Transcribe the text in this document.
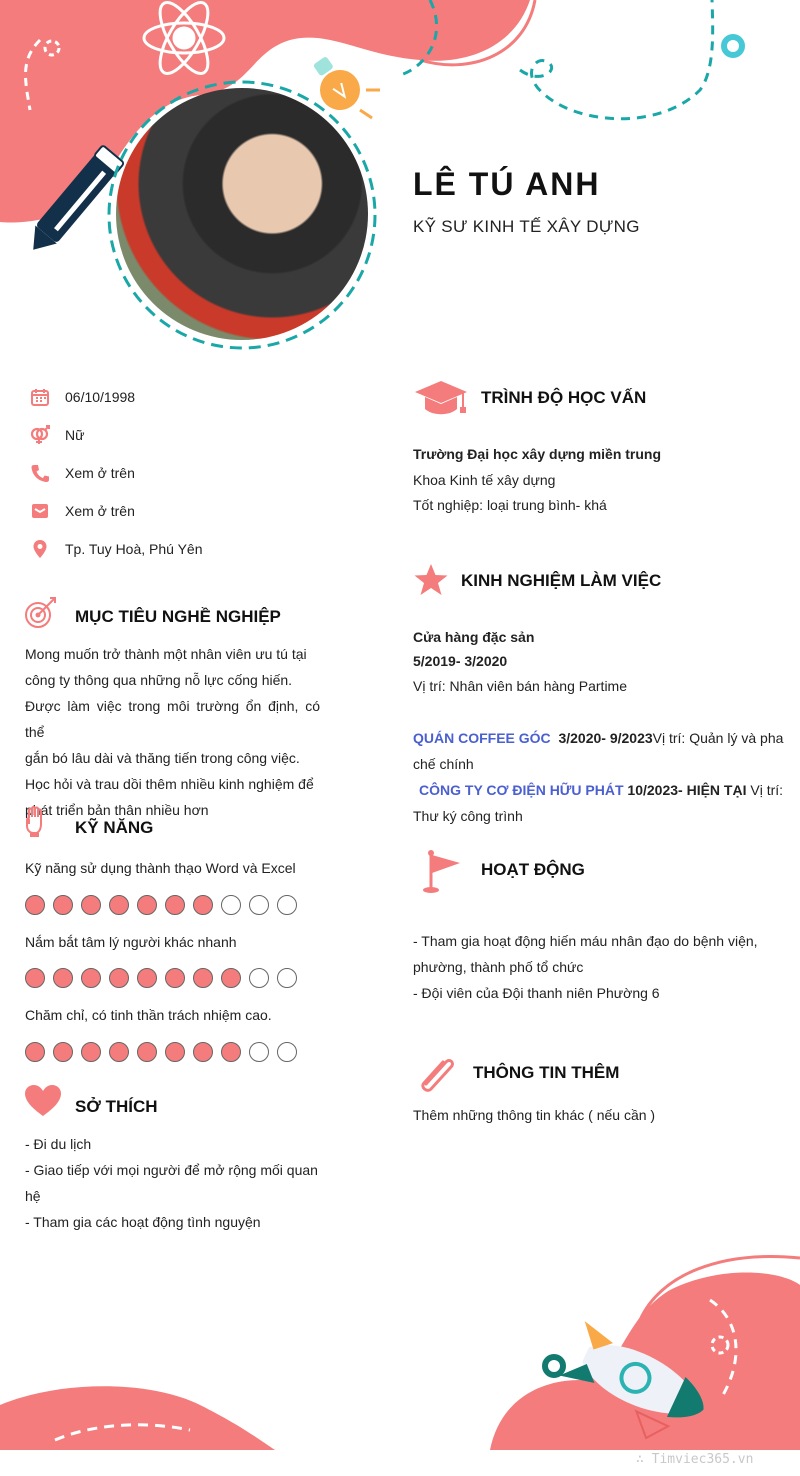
LÊ TÚ ANH
KỸ SƯ KINH TẾ XÂY DỰNG
06/10/1998
Nữ
Xem ở trên
Xem ở trên
Tp. Tuy Hoà, Phú Yên
MỤC TIÊU NGHỀ NGHIỆP
Mong muốn trở thành một nhân viên ưu tú tại
công ty thông qua những nỗ lực cống hiến.
Được làm việc trong môi trường ổn định, có thể
gắn bó lâu dài và thăng tiến trong công việc.
Học hỏi và trau dồi thêm nhiều kinh nghiệm để
phát triển bản thân nhiều hơn
KỸ NĂNG
Kỹ năng sử dụng thành thạo Word và Excel
Nắm bắt tâm lý người khác nhanh
Chăm chỉ, có tinh thần trách nhiệm cao.
SỞ THÍCH
- Đi du lịch
- Giao tiếp với mọi người để mở rộng mối quan
hệ
- Tham gia các hoạt động tình nguyện
TRÌNH ĐỘ HỌC VẤN
Trường Đại học xây dựng miền trung
Khoa Kinh tế xây dựng
Tốt nghiệp: loại trung bình- khá
KINH NGHIỆM LÀM VIỆC
Cửa hàng đặc sản
5/2019- 3/2020
Vị trí: Nhân viên bán hàng Partime
QUÁN COFFEE GÓC 3/2020- 9/2023Vị trí: Quản lý và pha
chế chính
CÔNG TY CƠ ĐIỆN HỮU PHÁT 10/2023- HIỆN TẠI Vị trí:
Thư ký công trình
HOẠT ĐỘNG
- Tham gia hoạt động hiến máu nhân đạo do bệnh viện,
phường, thành phố tổ chức
- Đội viên của Đội thanh niên Phường 6
THÔNG TIN THÊM
Thêm những thông tin khác ( nếu cần )
∴ Timviec365.vn
